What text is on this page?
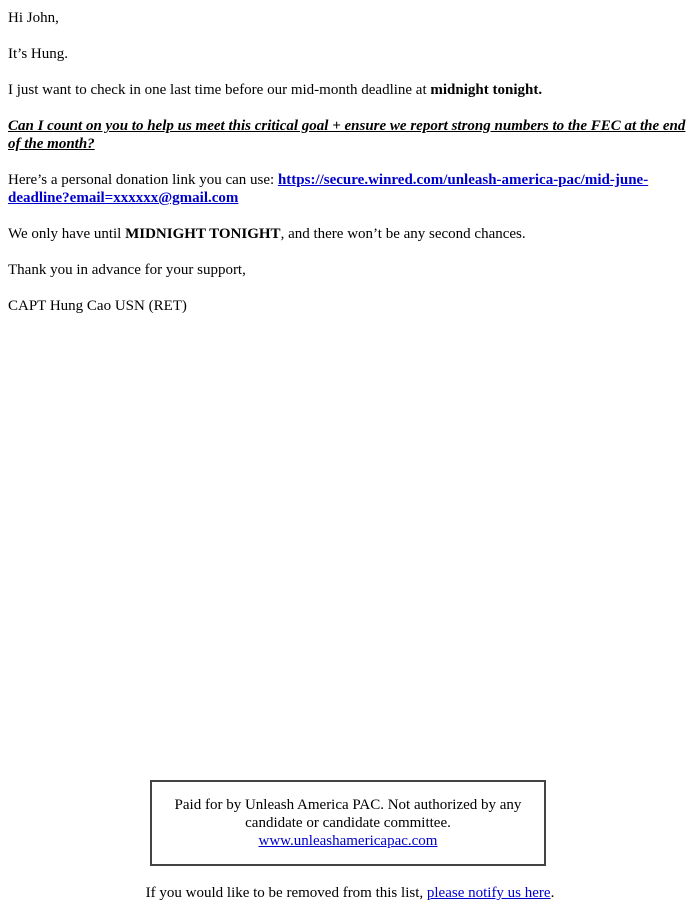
Hi John,

It’s Hung.

I just want to check in one last time before our mid-month deadline at midnight tonight.

Can I count on you to help us meet this critical goal + ensure we report strong numbers to the FEC at the end of the month?

Here’s a personal donation link you can use: https://secure.winred.com/unleash-america-pac/mid-june-deadline?email=xxxxxx@gmail.com

We only have until MIDNIGHT TONIGHT, and there won’t be any second chances.

Thank you in advance for your support,

CAPT Hung Cao USN (RET)

Paid for by Unleash America PAC. Not authorized by any candidate or candidate committee. www.unleashamericapac.com
If you would like to be removed from this list, please notify us here.
